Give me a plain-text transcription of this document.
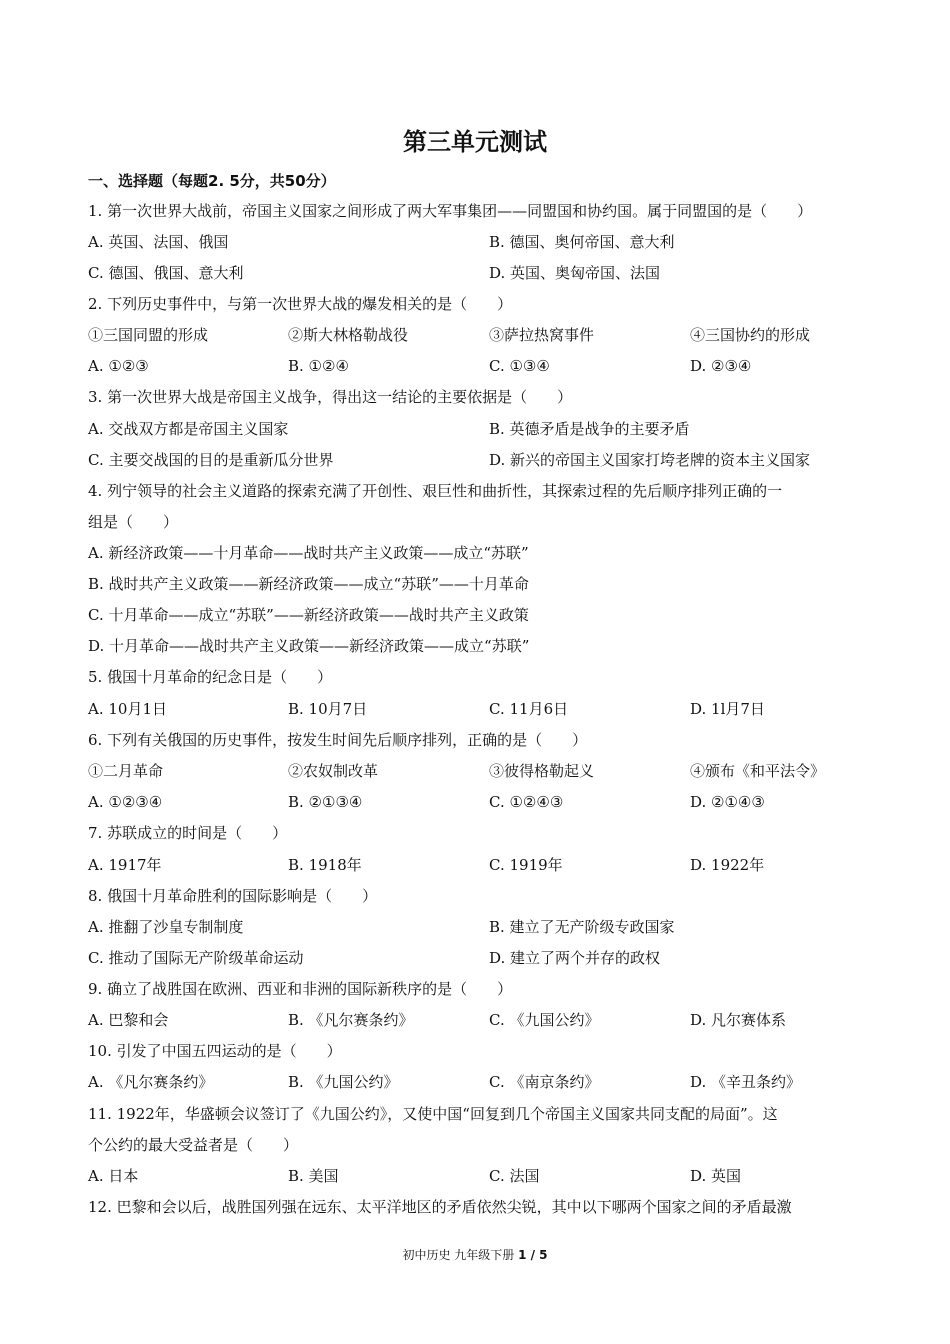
第三单元测试
一、选择题（每题2. 5分，共50分）
1. 第一次世界大战前，帝国主义国家之间形成了两大军事集团——同盟国和协约国。属于同盟国的是（　　）
A. 英国、法国、俄国	B. 德国、奥何帝国、意大利
C. 德国、俄国、意大利	D. 英国、奥匈帝国、法国
2. 下列历史事件中，与第一次世界大战的爆发相关的是（　　）
①三国同盟的形成	②斯大林格勒战役	③萨拉热窝事件	④三国协约的形成
A. ①②③	B. ①②④	C. ①③④	D. ②③④
3. 第一次世界大战是帝国主义战争，得出这一结论的主要依据是（　　）
A. 交战双方都是帝国主义国家	B. 英德矛盾是战争的主要矛盾
C. 主要交战国的目的是重新瓜分世界	D. 新兴的帝国主义国家打垮老牌的资本主义国家
4. 列宁领导的社会主义道路的探索充满了开创性、艰巨性和曲折性，其探索过程的先后顺序排列正确的一
组是（　　）
A. 新经济政策——十月革命——战时共产主义政策——成立“苏联”
B. 战时共产主义政策——新经济政策——成立“苏联”——十月革命
C. 十月革命——成立“苏联”——新经济政策——战时共产主义政策
D. 十月革命——战时共产主义政策——新经济政策——成立“苏联”
5. 俄国十月革命的纪念日是（　　）
A. 10月1日	B. 10月7日	C. 11月6日	D. 1l月7日
6. 下列有关俄国的历史事件，按发生时间先后顺序排列，正确的是（　　）
①二月革命	②农奴制改革	③彼得格勒起义	④颁布《和平法令》
A. ①②③④	B. ②①③④	C. ①②④③	D. ②①④③
7. 苏联成立的时间是（　　）
A. 1917年	B. 1918年	C. 1919年	D. 1922年
8. 俄国十月革命胜利的国际影响是（　　）
A. 推翻了沙皇专制制度	B. 建立了无产阶级专政国家
C. 推动了国际无产阶级革命运动	D. 建立了两个并存的政权
9. 确立了战胜国在欧洲、西亚和非洲的国际新秩序的是（　　）
A. 巴黎和会	B. 《凡尔赛条约》	C. 《九国公约》	D. 凡尔赛体系
10. 引发了中国五四运动的是（　　）
A. 《凡尔赛条约》	B. 《九国公约》	C. 《南京条约》	D. 《辛丑条约》
11. 1922年，华盛顿会议签订了《九国公约》，又使中国“回复到几个帝国主义国家共同支配的局面”。这
个公约的最大受益者是（　　）
A. 日本	B. 美国	C. 法国	D. 英国
12. 巴黎和会以后，战胜国列强在远东、太平洋地区的矛盾依然尖锐，其中以下哪两个国家之间的矛盾最激
初中历史 九年级下册 1 / 5
